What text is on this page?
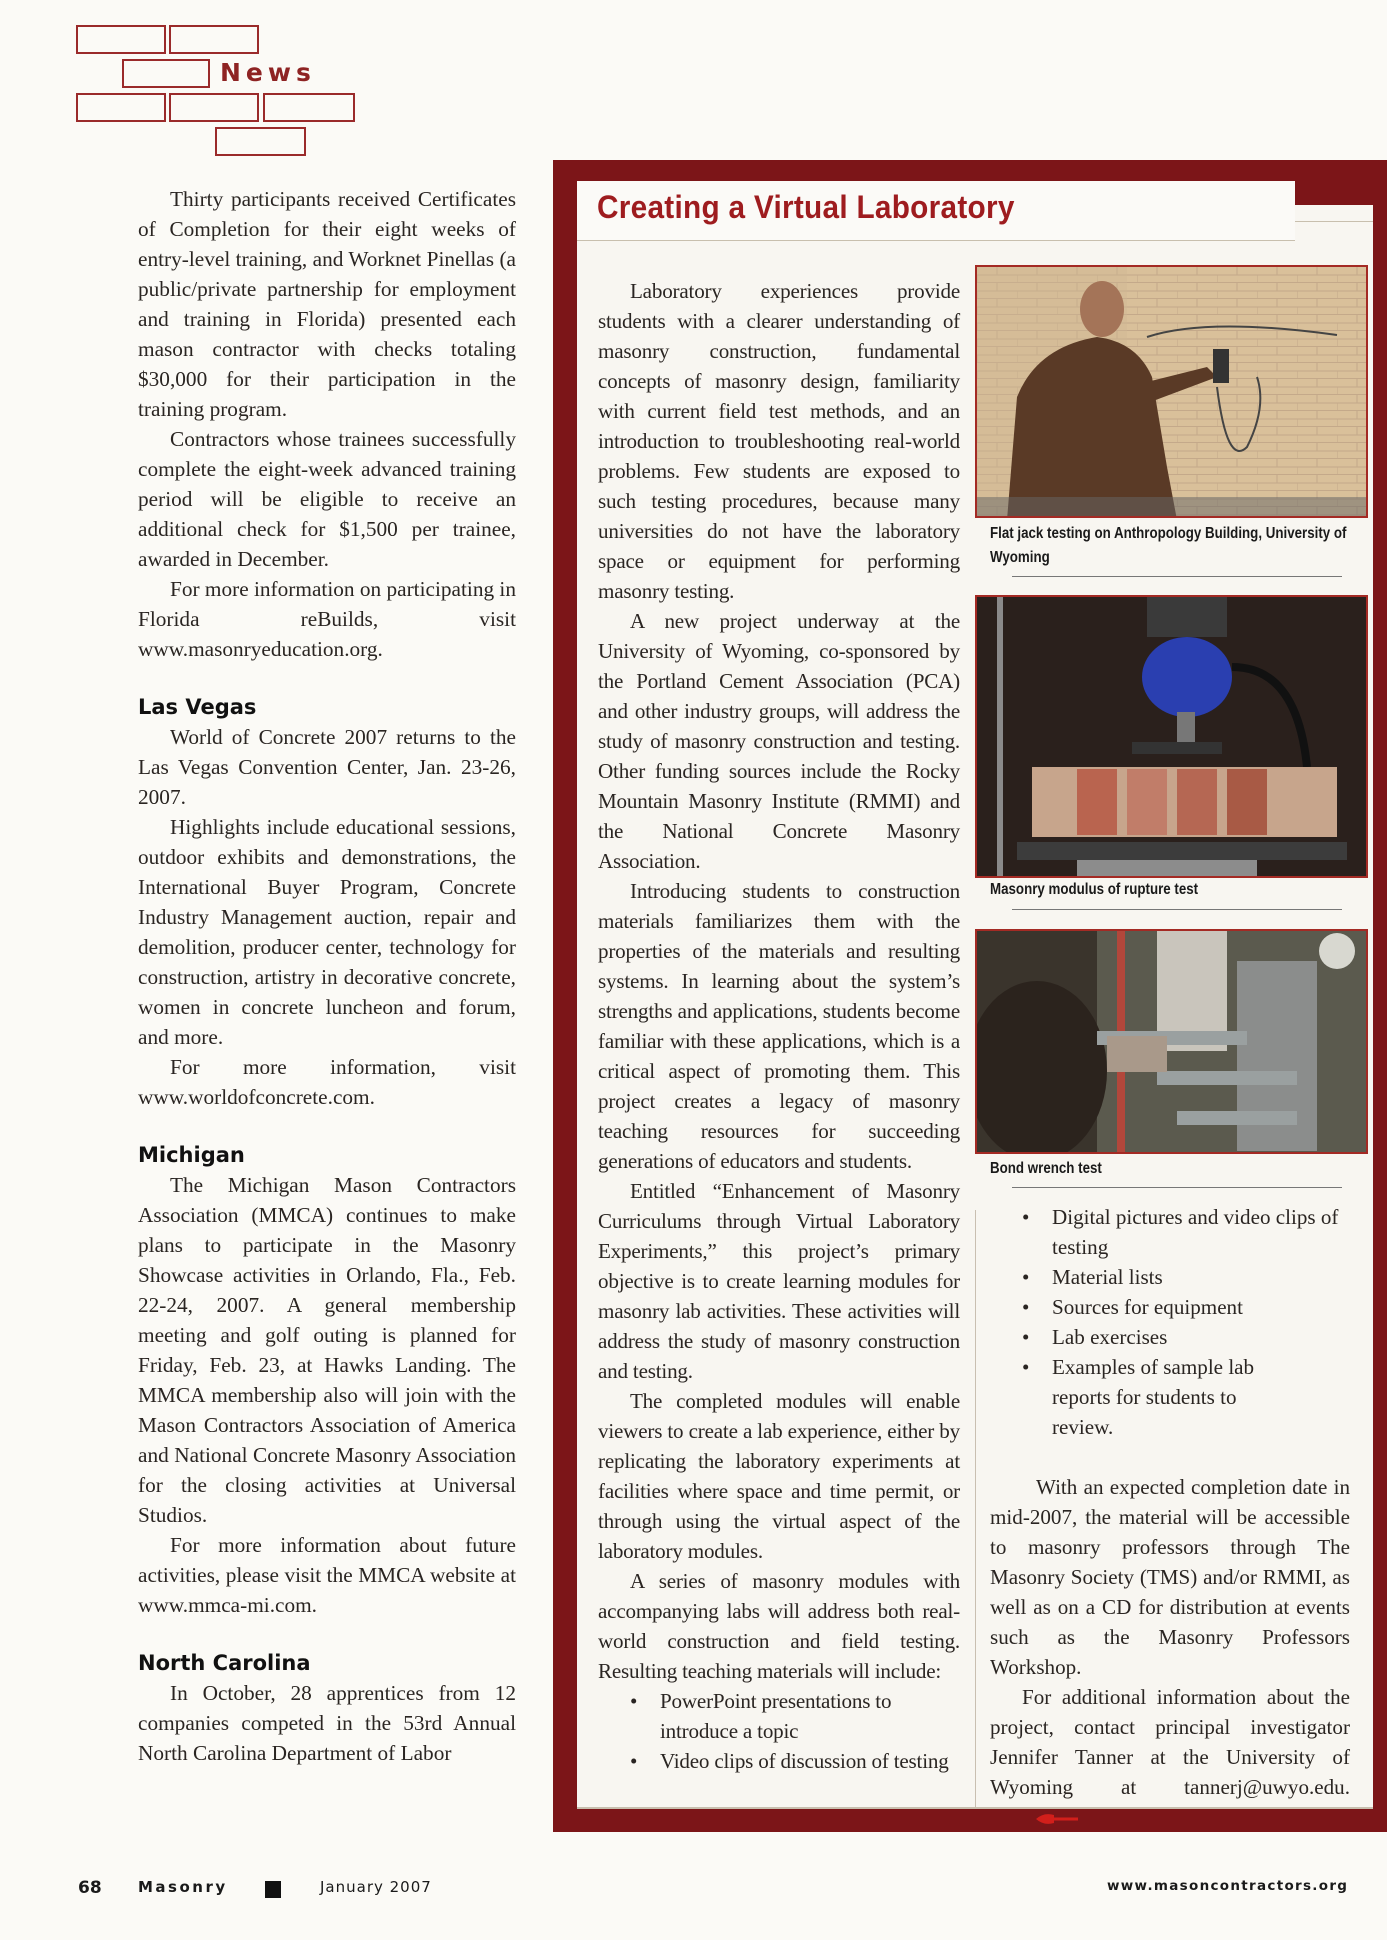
News

Thirty participants received Certificates of Completion for their eight weeks of entry-level training, and Worknet Pinellas (a public/private partnership for employment and training in Florida) presented each mason contractor with checks totaling $30,000 for their participation in the training program.

Contractors whose trainees successfully complete the eight-week advanced training period will be eligible to receive an additional check for $1,500 per trainee, awarded in December.

For more information on participating in Florida reBuilds, visit www.masonryeducation.org.

Las Vegas

World of Concrete 2007 returns to the Las Vegas Convention Center, Jan. 23-26, 2007.

Highlights include educational sessions, outdoor exhibits and demonstrations, the International Buyer Program, Concrete Industry Management auction, repair and demolition, producer center, technology for construction, artistry in decorative concrete, women in concrete luncheon and forum, and more.

For more information, visit www.worldofconcrete.com.

Michigan

The Michigan Mason Contractors Association (MMCA) continues to make plans to participate in the Masonry Showcase activities in Orlando, Fla., Feb. 22-24, 2007. A general membership meeting and golf outing is planned for Friday, Feb. 23, at Hawks Landing. The MMCA membership also will join with the Mason Contractors Association of America and National Concrete Masonry Association for the closing activities at Universal Studios.

For more information about future activities, please visit the MMCA website at www.mmca-mi.com.

North Carolina

In October, 28 apprentices from 12 companies competed in the 53rd Annual North Carolina Department of Labor

Creating a Virtual Laboratory

Laboratory experiences provide students with a clearer understanding of masonry construction, fundamental concepts of masonry design, familiarity with current field test methods, and an introduction to troubleshooting real-world problems. Few students are exposed to such testing procedures, because many universities do not have the laboratory space or equipment for performing masonry testing.

A new project underway at the University of Wyoming, co-sponsored by the Portland Cement Association (PCA) and other industry groups, will address the study of masonry construction and testing. Other funding sources include the Rocky Mountain Masonry Institute (RMMI) and the National Concrete Masonry Association.

Introducing students to construction materials familiarizes them with the properties of the materials and resulting systems. In learning about the system’s strengths and applications, students become familiar with these applications, which is a critical aspect of promoting them. This project creates a legacy of masonry teaching resources for succeeding generations of educators and students.

Entitled “Enhancement of Masonry Curriculums through Virtual Laboratory Experiments,” this project’s primary objective is to create learning modules for masonry lab activities. These activities will address the study of masonry construction and testing.

The completed modules will enable viewers to create a lab experience, either by replicating the laboratory experiments at facilities where space and time permit, or through using the virtual aspect of the laboratory modules.

A series of masonry modules with accompanying labs will address both real-world construction and field testing. Resulting teaching materials will include:

• PowerPoint presentations to introduce a topic
• Video clips of discussion of testing
Flat jack testing on Anthropology Building, University of Wyoming
Masonry modulus of rupture test
Bond wrench test
• Digital pictures and video clips of testing
• Material lists
• Sources for equipment
• Lab exercises
• Examples of sample lab reports for students to review.

With an expected completion date in mid-2007, the material will be accessible to masonry professors through The Masonry Society (TMS) and/or RMMI, as well as on a CD for distribution at events such as the Masonry Professors Workshop.

For additional information about the project, contact principal investigator Jennifer Tanner at the University of Wyoming at tannerj@uwyo.edu.

68 Masonry	January 2007	www.masoncontractors.org
